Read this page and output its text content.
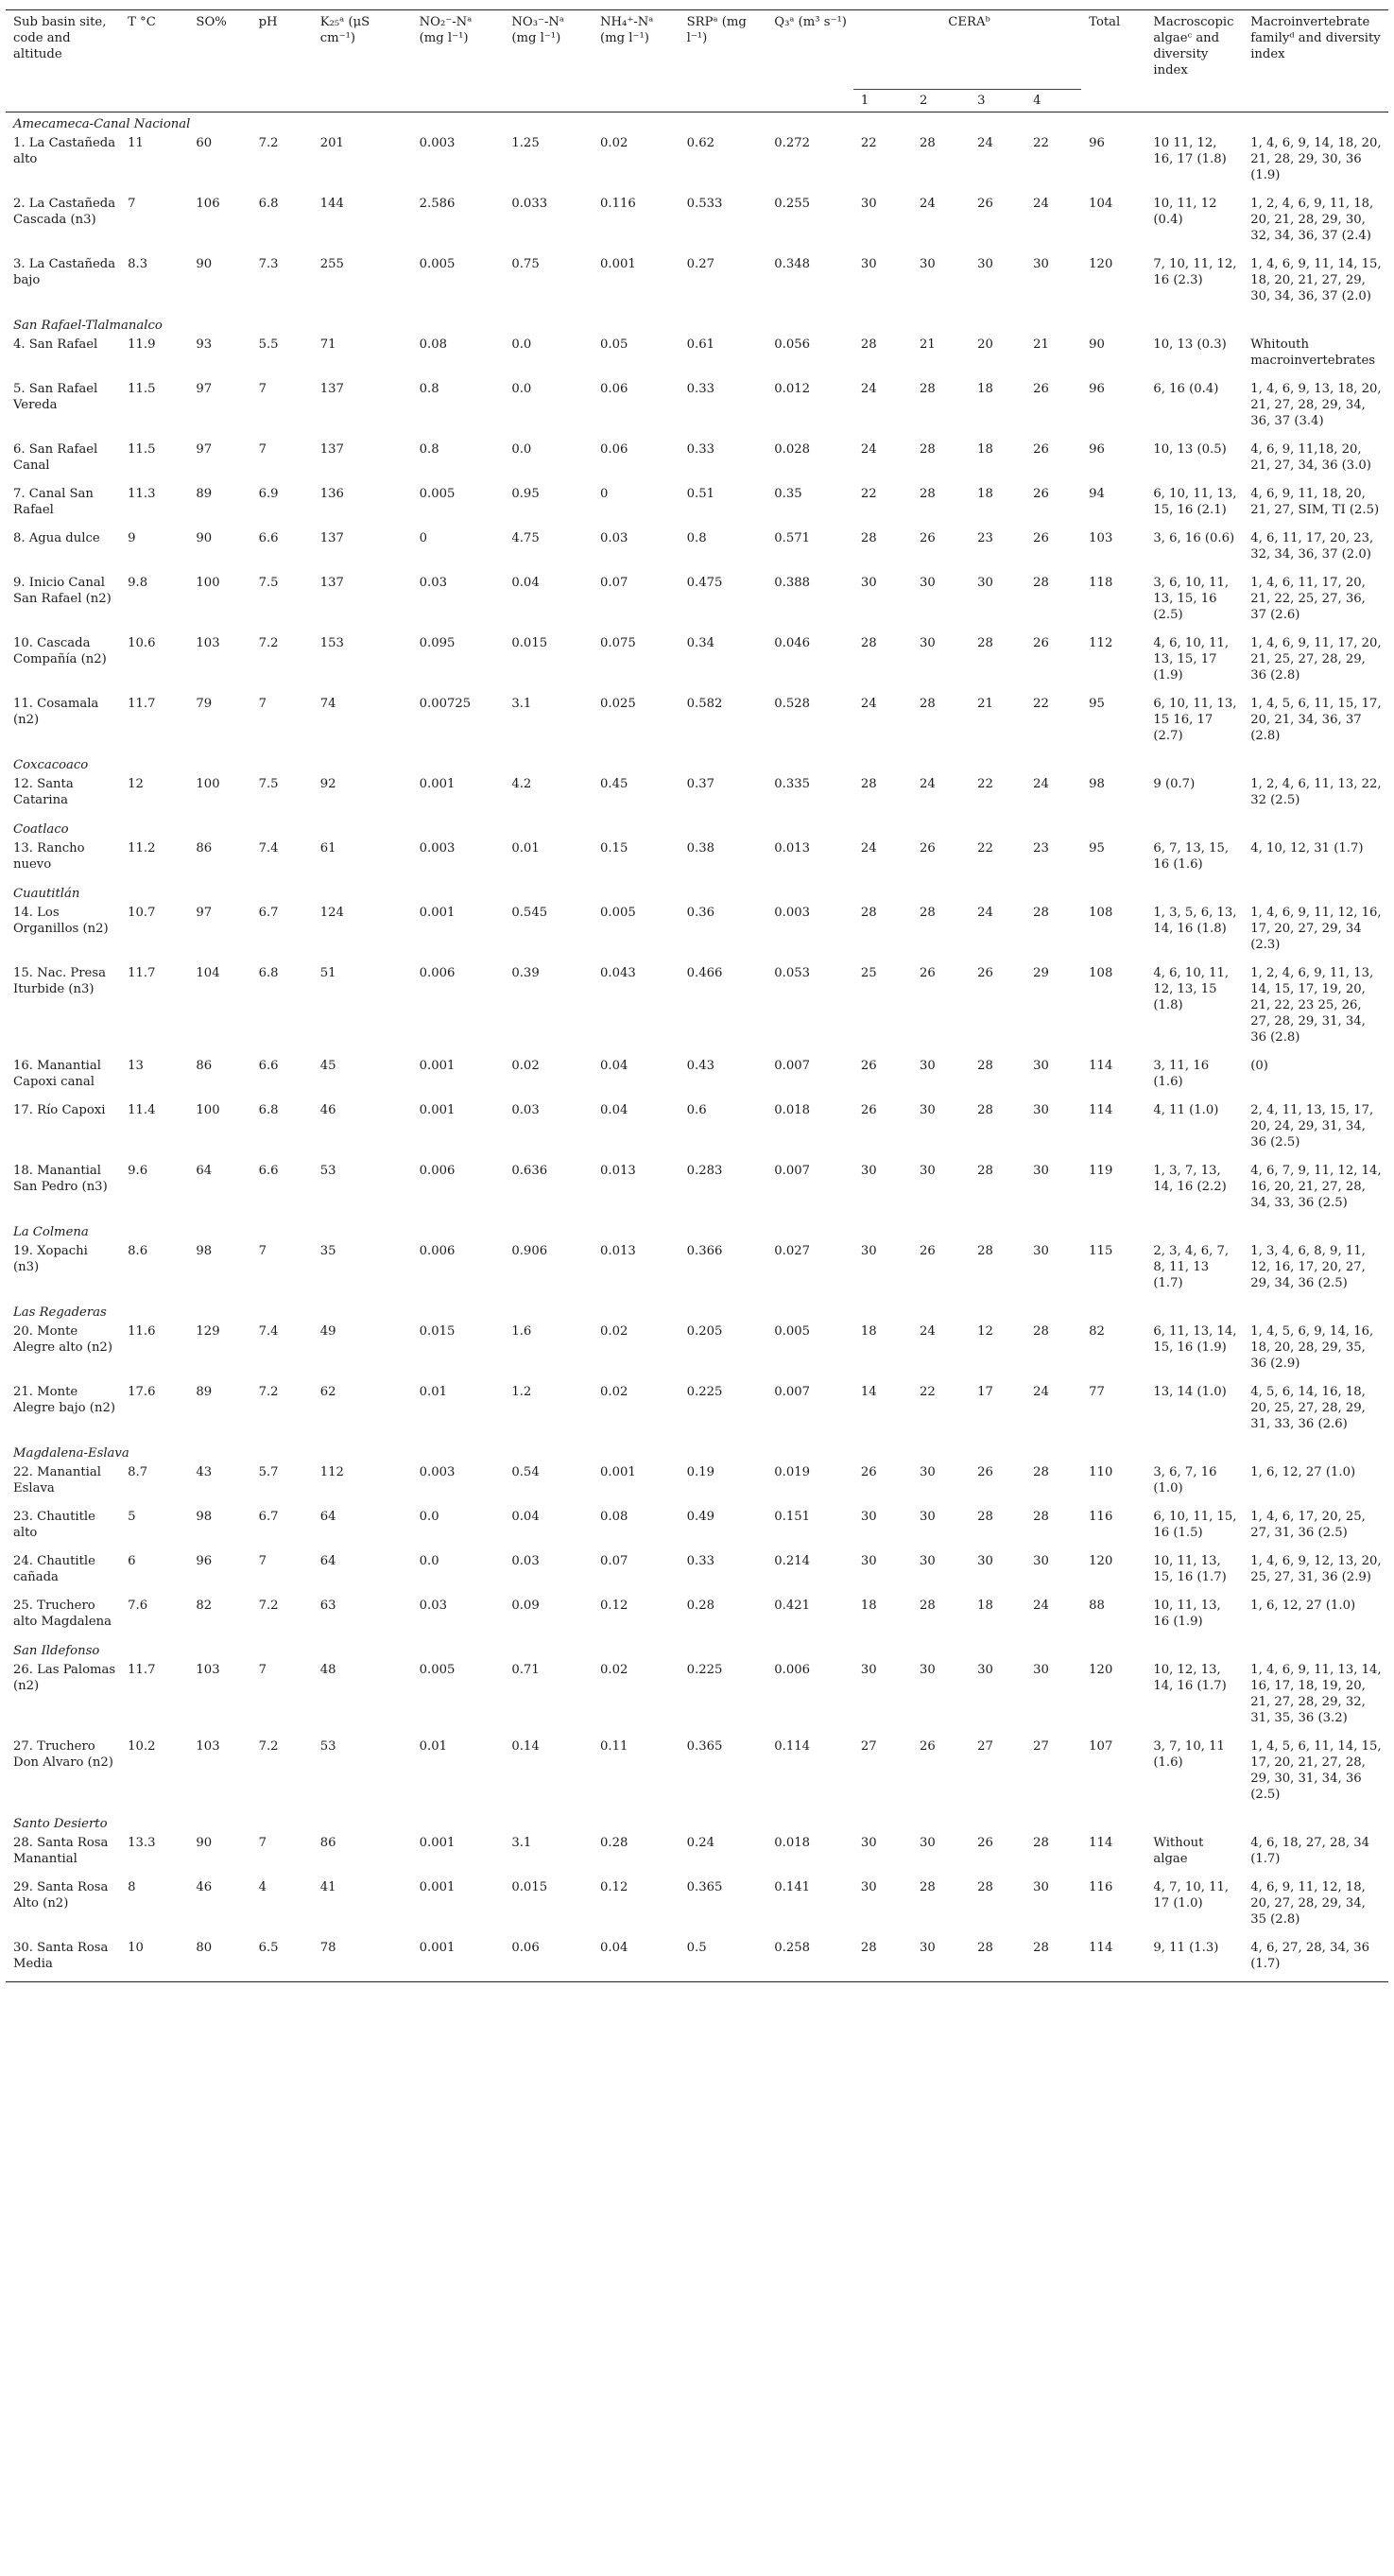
Sub basin site, code and altitude	T °C	SO%	pH	K₂₅ᵃ (μS cm⁻¹)	NO₂⁻-Nᵃ (mg l⁻¹)	NO₃⁻-Nᵃ (mg l⁻¹)	NH₄⁺-Nᵃ (mg l⁻¹)	SRPᵃ (mg l⁻¹)	Q₃ᵃ (m³ s⁻¹)	CERAᵇ				Total	Macroscopic algaeᶜ and diversity index	Macroinvertebrate familyᵈ and diversity index
										1	2	3	4			
Amecameca-Canal Nacional																
1. La Castañeda alto	11	60	7.2	201	0.003	1.25	0.02	0.62	0.272	22	28	24	22	96	10 11, 12, 16, 17 (1.8)	1, 4, 6, 9, 14, 18, 20, 21, 28, 29, 30, 36 (1.9)
2. La Castañeda Cascada (n3)	7	106	6.8	144	2.586	0.033	0.116	0.533	0.255	30	24	26	24	104	10, 11, 12 (0.4)	1, 2, 4, 6, 9, 11, 18, 20, 21, 28, 29, 30, 32, 34, 36, 37 (2.4)
3. La Castañeda bajo	8.3	90	7.3	255	0.005	0.75	0.001	0.27	0.348	30	30	30	30	120	7, 10, 11, 12, 16 (2.3)	1, 4, 6, 9, 11, 14, 15, 18, 20, 21, 27, 29, 30, 34, 36, 37 (2.0)
San Rafael-Tlalmanalco																
4. San Rafael	11.9	93	5.5	71	0.08	0.0	0.05	0.61	0.056	28	21	20	21	90	10, 13 (0.3)	Whitouth macroinvertebrates
5. San Rafael Vereda	11.5	97	7	137	0.8	0.0	0.06	0.33	0.012	24	28	18	26	96	6, 16 (0.4)	1, 4, 6, 9, 13, 18, 20, 21, 27, 28, 29, 34, 36, 37 (3.4)
6. San Rafael Canal	11.5	97	7	137	0.8	0.0	0.06	0.33	0.028	24	28	18	26	96	10, 13 (0.5)	4, 6, 9, 11,18, 20, 21, 27, 34, 36 (3.0)
7. Canal San Rafael	11.3	89	6.9	136	0.005	0.95	0	0.51	0.35	22	28	18	26	94	6, 10, 11, 13, 15, 16 (2.1)	4, 6, 9, 11, 18, 20, 21, 27, SIM, TI (2.5)
8. Agua dulce	9	90	6.6	137	0	4.75	0.03	0.8	0.571	28	26	23	26	103	3, 6, 16 (0.6)	4, 6, 11, 17, 20, 23, 32, 34, 36, 37 (2.0)
9. Inicio Canal San Rafael (n2)	9.8	100	7.5	137	0.03	0.04	0.07	0.475	0.388	30	30	30	28	118	3, 6, 10, 11, 13, 15, 16 (2.5)	1, 4, 6, 11, 17, 20, 21, 22, 25, 27, 36, 37 (2.6)
10. Cascada Compañía (n2)	10.6	103	7.2	153	0.095	0.015	0.075	0.34	0.046	28	30	28	26	112	4, 6, 10, 11, 13, 15, 17 (1.9)	1, 4, 6, 9, 11, 17, 20, 21, 25, 27, 28, 29, 36 (2.8)
11. Cosamala (n2)	11.7	79	7	74	0.00725	3.1	0.025	0.582	0.528	24	28	21	22	95	6, 10, 11, 13, 15 16, 17 (2.7)	1, 4, 5, 6, 11, 15, 17, 20, 21, 34, 36, 37 (2.8)
Coxcacoaco																
12. Santa Catarina	12	100	7.5	92	0.001	4.2	0.45	0.37	0.335	28	24	22	24	98	9 (0.7)	1, 2, 4, 6, 11, 13, 22, 32 (2.5)
Coatlaco																
13. Rancho nuevo	11.2	86	7.4	61	0.003	0.01	0.15	0.38	0.013	24	26	22	23	95	6, 7, 13, 15, 16 (1.6)	4, 10, 12, 31 (1.7)
Cuautitlán																
14. Los Organillos (n2)	10.7	97	6.7	124	0.001	0.545	0.005	0.36	0.003	28	28	24	28	108	1, 3, 5, 6, 13, 14, 16 (1.8)	1, 4, 6, 9, 11, 12, 16, 17, 20, 27, 29, 34 (2.3)
15. Nac. Presa Iturbide (n3)	11.7	104	6.8	51	0.006	0.39	0.043	0.466	0.053	25	26	26	29	108	4, 6, 10, 11, 12, 13, 15 (1.8)	1, 2, 4, 6, 9, 11, 13, 14, 15, 17, 19, 20, 21, 22, 23 25, 26, 27, 28, 29, 31, 34, 36 (2.8)
16. Manantial Capoxi canal	13	86	6.6	45	0.001	0.02	0.04	0.43	0.007	26	30	28	30	114	3, 11, 16 (1.6)	(0)
17. Río Capoxi	11.4	100	6.8	46	0.001	0.03	0.04	0.6	0.018	26	30	28	30	114	4, 11 (1.0)	2, 4, 11, 13, 15, 17, 20, 24, 29, 31, 34, 36 (2.5)
18. Manantial San Pedro (n3)	9.6	64	6.6	53	0.006	0.636	0.013	0.283	0.007	30	30	28	30	119	1, 3, 7, 13, 14, 16 (2.2)	4, 6, 7, 9, 11, 12, 14, 16, 20, 21, 27, 28, 34, 33, 36 (2.5)
La Colmena																
19. Xopachi (n3)	8.6	98	7	35	0.006	0.906	0.013	0.366	0.027	30	26	28	30	115	2, 3, 4, 6, 7, 8, 11, 13 (1.7)	1, 3, 4, 6, 8, 9, 11, 12, 16, 17, 20, 27, 29, 34, 36 (2.5)
Las Regaderas																
20. Monte Alegre alto (n2)	11.6	129	7.4	49	0.015	1.6	0.02	0.205	0.005	18	24	12	28	82	6, 11, 13, 14, 15, 16 (1.9)	1, 4, 5, 6, 9, 14, 16, 18, 20, 28, 29, 35, 36 (2.9)
21. Monte Alegre bajo (n2)	17.6	89	7.2	62	0.01	1.2	0.02	0.225	0.007	14	22	17	24	77	13, 14 (1.0)	4, 5, 6, 14, 16, 18, 20, 25, 27, 28, 29, 31, 33, 36 (2.6)
Magdalena-Eslava																
22. Manantial Eslava	8.7	43	5.7	112	0.003	0.54	0.001	0.19	0.019	26	30	26	28	110	3, 6, 7, 16 (1.0)	1, 6, 12, 27 (1.0)
23. Chautitle alto	5	98	6.7	64	0.0	0.04	0.08	0.49	0.151	30	30	28	28	116	6, 10, 11, 15, 16 (1.5)	1, 4, 6, 17, 20, 25, 27, 31, 36 (2.5)
24. Chautitle cañada	6	96	7	64	0.0	0.03	0.07	0.33	0.214	30	30	30	30	120	10, 11, 13, 15, 16 (1.7)	1, 4, 6, 9, 12, 13, 20, 25, 27, 31, 36 (2.9)
25. Truchero alto Magdalena	7.6	82	7.2	63	0.03	0.09	0.12	0.28	0.421	18	28	18	24	88	10, 11, 13, 16 (1.9)	1, 6, 12, 27 (1.0)
San Ildefonso																
26. Las Palomas (n2)	11.7	103	7	48	0.005	0.71	0.02	0.225	0.006	30	30	30	30	120	10, 12, 13, 14, 16 (1.7)	1, 4, 6, 9, 11, 13, 14, 16, 17, 18, 19, 20, 21, 27, 28, 29, 32, 31, 35, 36 (3.2)
27. Truchero Don Alvaro (n2)	10.2	103	7.2	53	0.01	0.14	0.11	0.365	0.114	27	26	27	27	107	3, 7, 10, 11 (1.6)	1, 4, 5, 6, 11, 14, 15, 17, 20, 21, 27, 28, 29, 30, 31, 34, 36 (2.5)
Santo Desierto																
28. Santa Rosa Manantial	13.3	90	7	86	0.001	3.1	0.28	0.24	0.018	30	30	26	28	114	Without algae	4, 6, 18, 27, 28, 34 (1.7)
29. Santa Rosa Alto (n2)	8	46	4	41	0.001	0.015	0.12	0.365	0.141	30	28	28	30	116	4, 7, 10, 11, 17 (1.0)	4, 6, 9, 11, 12, 18, 20, 27, 28, 29, 34, 35 (2.8)
30. Santa Rosa Media	10	80	6.5	78	0.001	0.06	0.04	0.5	0.258	28	30	28	28	114	9, 11 (1.3)	4, 6, 27, 28, 34, 36 (1.7)
